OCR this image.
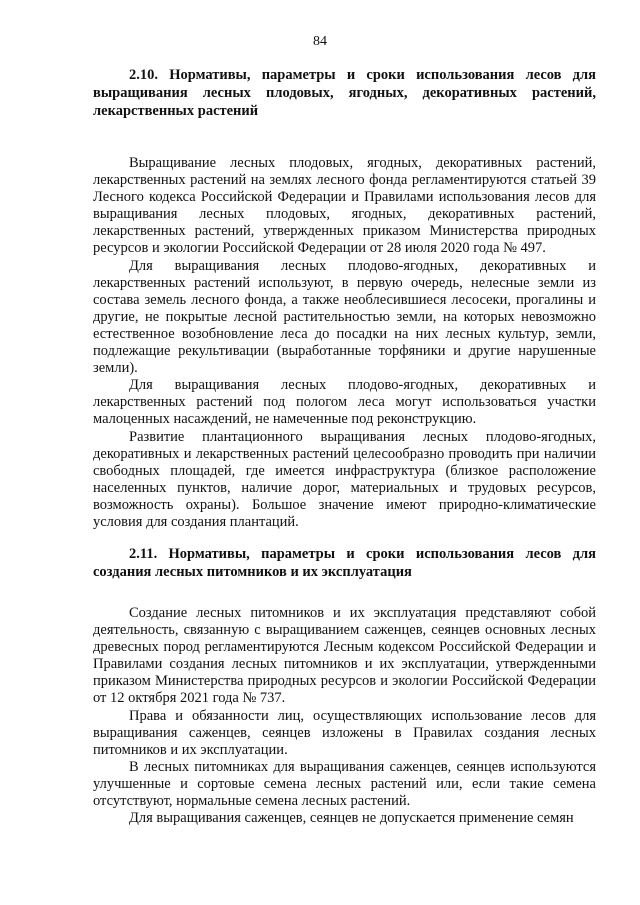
84
2.10. Нормативы, параметры и сроки использования лесов для выращивания лесных плодовых, ягодных, декоративных растений, лекарственных растений

Выращивание лесных плодовых, ягодных, декоративных растений, лекарственных растений на землях лесного фонда регламентируются статьей 39 Лесного кодекса Российской Федерации и Правилами использования лесов для выращивания лесных плодовых, ягодных, декоративных растений, лекарственных растений, утвержденных приказом Министерства природных ресурсов и экологии Российской Федерации от 28 июля 2020 года № 497.

Для выращивания лесных плодово-ягодных, декоративных и лекарственных растений используют, в первую очередь, нелесные земли из состава земель лесного фонда, а также необлесившиеся лесосеки, прогалины и другие, не покрытые лесной растительностью земли, на которых невозможно естественное возобновление леса до посадки на них лесных культур, земли, подлежащие рекультивации (выработанные торфяники и другие нарушенные земли).

Для выращивания лесных плодово-ягодных, декоративных и лекарственных растений под пологом леса могут использоваться участки малоценных насаждений, не намеченные под реконструкцию.

Развитие плантационного выращивания лесных плодово-ягодных, декоративных и лекарственных растений целесообразно проводить при наличии свободных площадей, где имеется инфраструктура (близкое расположение населенных пунктов, наличие дорог, материальных и трудовых ресурсов, возможность охраны). Большое значение имеют природно-климатические условия для создания плантаций.

2.11. Нормативы, параметры и сроки использования лесов для создания лесных питомников и их эксплуатация

Создание лесных питомников и их эксплуатация представляют собой деятельность, связанную с выращиванием саженцев, сеянцев основных лесных древесных пород регламентируются Лесным кодексом Российской Федерации и Правилами создания лесных питомников и их эксплуатации, утвержденными приказом Министерства природных ресурсов и экологии Российской Федерации от 12 октября 2021 года № 737.

Права и обязанности лиц, осуществляющих использование лесов для выращивания саженцев, сеянцев изложены в Правилах создания лесных питомников и их эксплуатации.

В лесных питомниках для выращивания саженцев, сеянцев используются улучшенные и сортовые семена лесных растений или, если такие семена отсутствуют, нормальные семена лесных растений.

Для выращивания саженцев, сеянцев не допускается применение семян
